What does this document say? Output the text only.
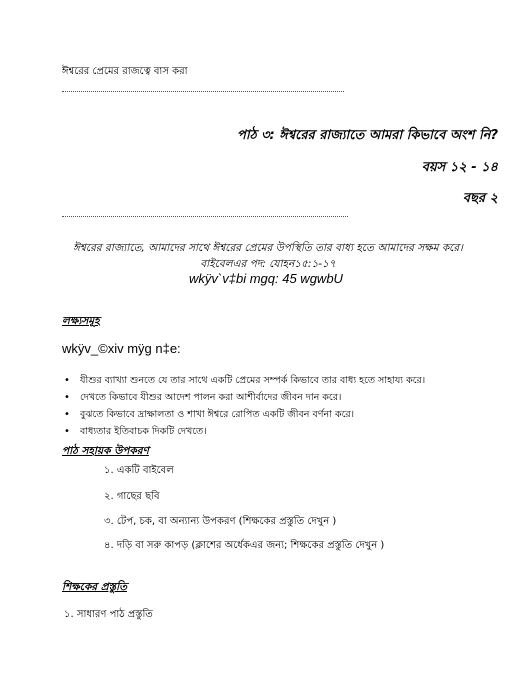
ঈশ্বরের প্রেমের রাজত্বে বাস করা
পাঠ ৩: ঈশ্বরের রাজ্যাতে আমরা কিভাবে অংশ নি?
বয়স ১২ - ১৪
বছর ২
ঈশ্বরের রাজ্যাতে, আমাদের সাথে ঈশ্বরের প্রেমের উপস্থিতি তার বাধ্য হতে আমাদের সক্ষম করে। বাইবেলএর পদ: যোহন১৫:১-১৭
wkÿv`v‡bi mgq: 45 wgwbU
লক্ষ্যসমূহ
wkÿv_©xiv mÿg n‡e:
• যীশুর ব্যাখ্যা শুনতে যে তার সাথে একটি প্রেমের সম্পর্ক কিভাবে তার বাধ্য হতে সাহায্য করে।
• দেখতে কিভাবে যীশুর আদেশ পালন করা আশীর্বাদের জীবন দান করে।
• বুঝতে কিভাবে দ্রাক্ষালতা ও শাখা ঈশ্বরে রোপিত একটি জীবন বর্ণনা করে।
• বাধ্যতার ইতিবাচক দিকটি দেখতে।
পাঠ সহায়ক উপকরণ
১. একটি বাইবেল
২. গাছের ছবি
৩. টেপ, চক, বা অন্যান্য উপকরণ (শিক্ষকের প্রস্তুতি দেখুন )
৪. দড়ি বা সরু কাপড় (ক্লাশের অর্ধেকএর জন্য; শিক্ষকের প্রস্তুতি দেখুন )
শিক্ষকের প্রস্তুতি
১. সাধারণ পাঠ প্রস্তুতি
